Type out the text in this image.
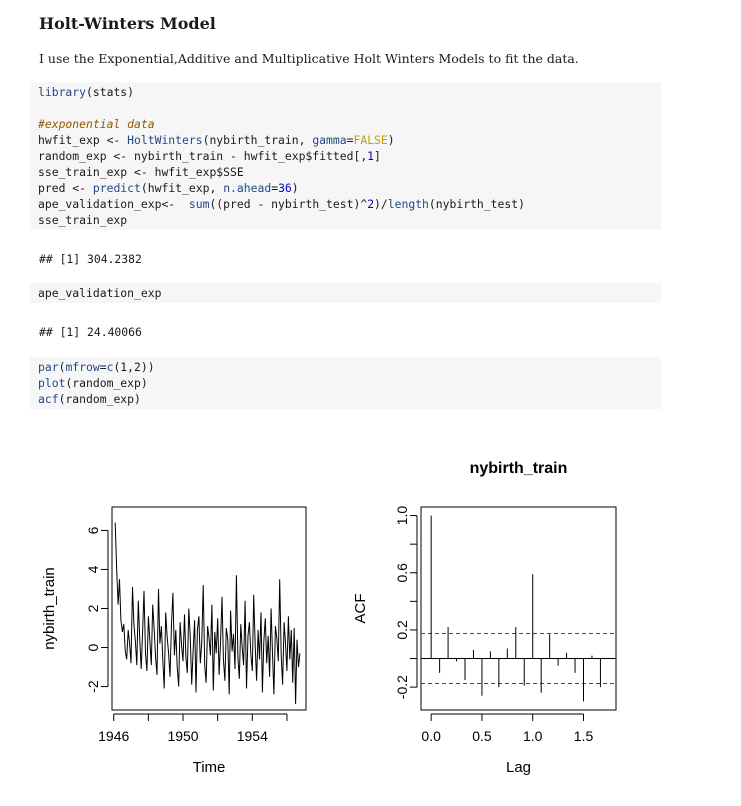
Holt-Winters Model

I use the Exponential,Additive and Multiplicative Holt Winters Models to fit the data.

library(stats)

#exponential data
hwfit_exp <- HoltWinters(nybirth_train, gamma=FALSE)
random_exp <- nybirth_train - hwfit_exp$fitted[,1]
sse_train_exp <- hwfit_exp$SSE
pred <- predict(hwfit_exp, n.ahead=36)
ape_validation_exp<-  sum((pred - nybirth_test)^2)/length(nybirth_test)
sse_train_exp
## [1] 304.2382
ape_validation_exp
## [1] 24.40066
par(mfrow=c(1,2))
plot(random_exp)
acf(random_exp)
1946	1950	1954
-2
0
2
4
6
Time
nybirth_train
0.0 0.5 1.0 1.5
-0.2
0.2
0.6
1.0
nybirth_train
Lag
ACF
